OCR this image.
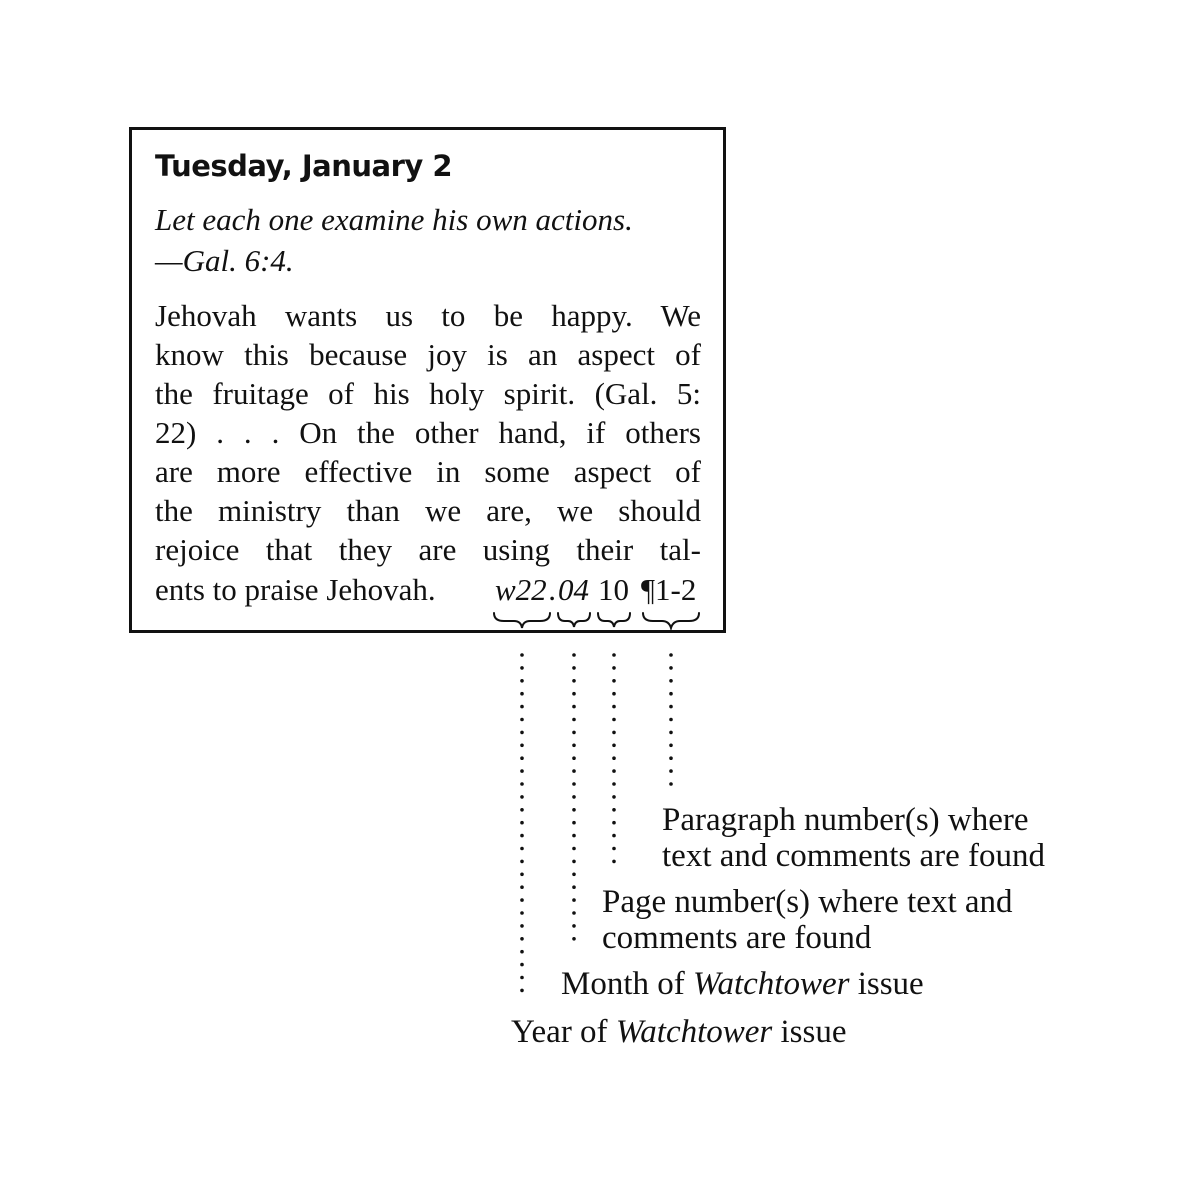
Tuesday, January 2
Let each one examine his own actions.
—Gal. 6:4.
Jehovah wants us to be happy. We
know this because joy is an aspect of
the fruitage of his holy spirit. (Gal. 5:
22) . . . On the other hand, if others
are more effective in some aspect of
the ministry than we are, we should
rejoice that they are using their tal-
ents to praise Jehovah. w22 . 04 10 ¶1-2
Paragraph number(s) where
text and comments are found
Page number(s) where text and
comments are found
Month of Watchtower issue
Year of Watchtower issue
